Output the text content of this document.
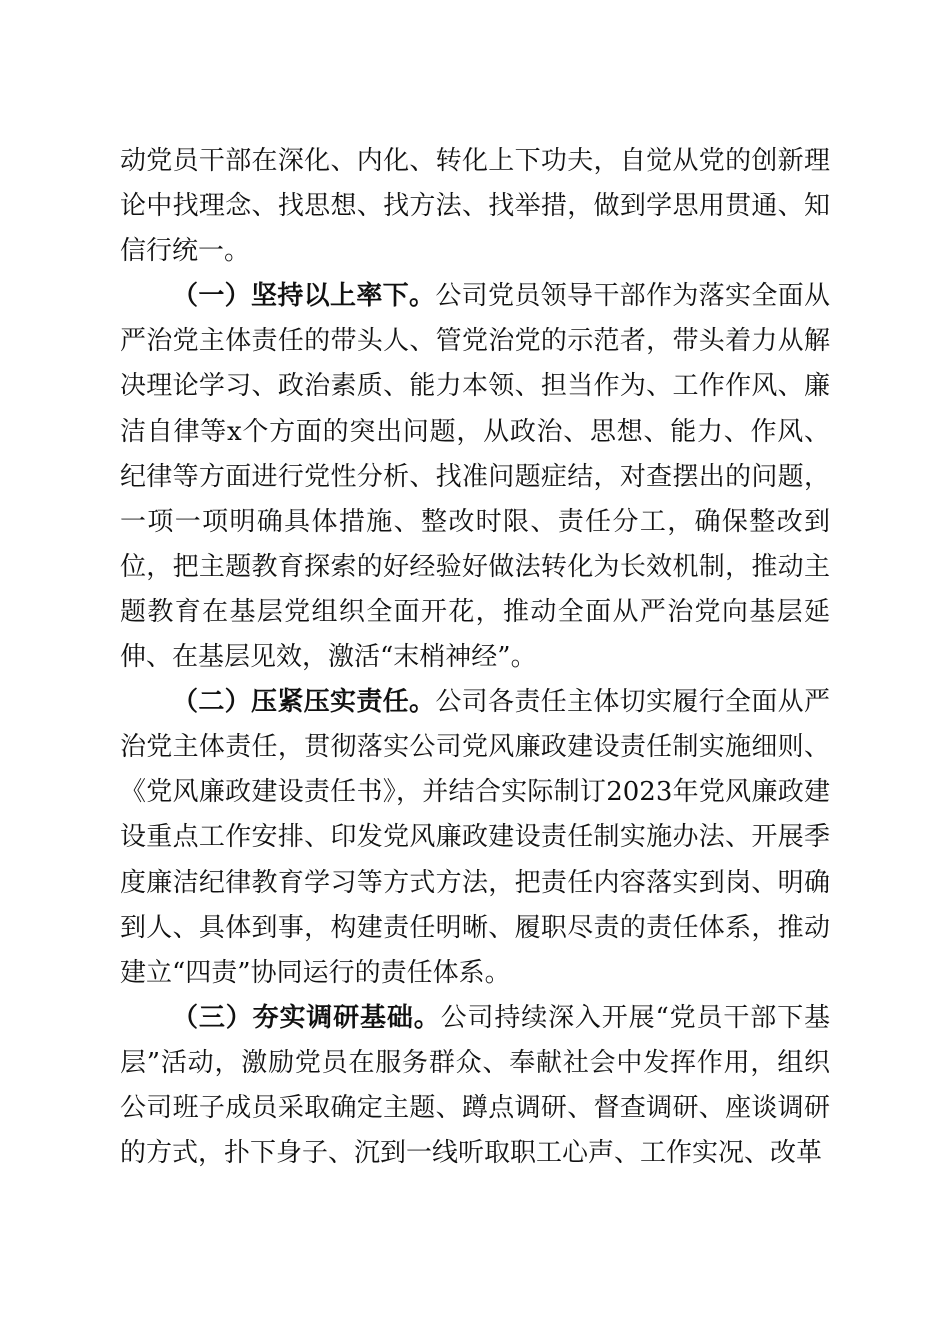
动党员干部在深化、内化、转化上下功夫，自觉从党的创新理论中找理念、找思想、找方法、找举措，做到学思用贯通、知信行统一。

（一）坚持以上率下。公司党员领导干部作为落实全面从严治党主体责任的带头人、管党治党的示范者，带头着力从解决理论学习、政治素质、能力本领、担当作为、工作作风、廉洁自律等x个方面的突出问题，从政治、思想、能力、作风、纪律等方面进行党性分析、找准问题症结，对查摆出的问题，一项一项明确具体措施、整改时限、责任分工，确保整改到位，把主题教育探索的好经验好做法转化为长效机制，推动主题教育在基层党组织全面开花，推动全面从严治党向基层延伸、在基层见效，激活“末梢神经”。

（二）压紧压实责任。公司各责任主体切实履行全面从严治党主体责任，贯彻落实公司党风廉政建设责任制实施细则、《党风廉政建设责任书》，并结合实际制订2023年党风廉政建设重点工作安排、印发党风廉政建设责任制实施办法、开展季度廉洁纪律教育学习等方式方法，把责任内容落实到岗、明确到人、具体到事，构建责任明晰、履职尽责的责任体系，推动建立“四责”协同运行的责任体系。

（三）夯实调研基础。公司持续深入开展“党员干部下基层”活动，激励党员在服务群众、奉献社会中发挥作用，组织公司班子成员采取确定主题、蹲点调研、督查调研、座谈调研的方式，扑下身子、沉到一线听取职工心声、工作实况、改革
